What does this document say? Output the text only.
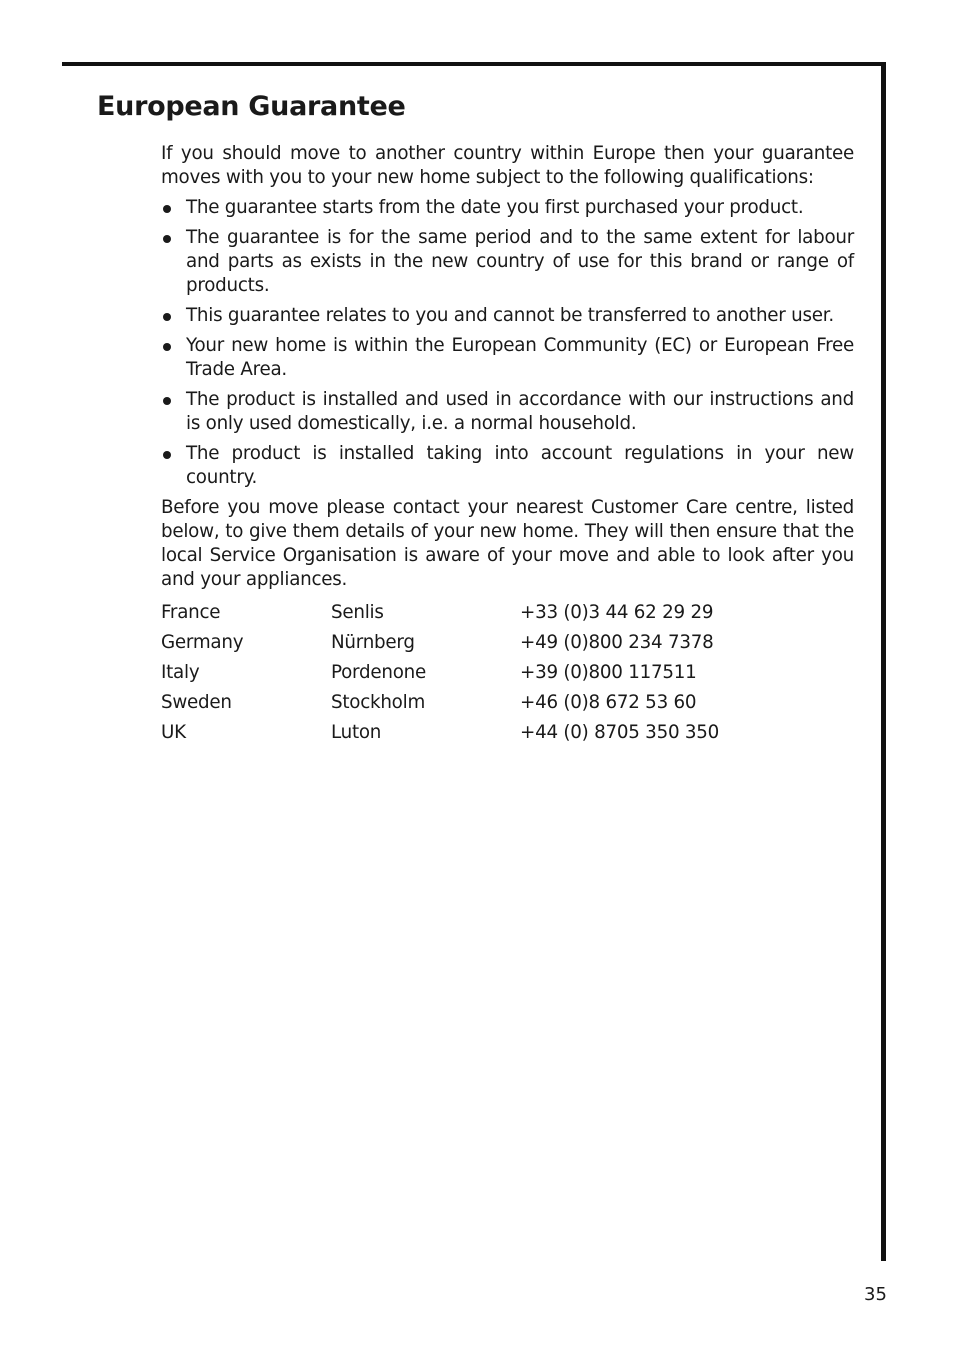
European Guarantee

If you should move to another country within Europe then your guarantee moves with you to your new home subject to the following qualifications:

The guarantee starts from the date you first purchased your product.
The guarantee is for the same period and to the same extent for labour and parts as exists in the new country of use for this brand or range of products.
This guarantee relates to you and cannot be transferred to another user.
Your new home is within the European Community (EC) or European Free Trade Area.
The product is installed and used in accordance with our instructions and is only used domestically, i.e. a normal household.
The product is installed taking into account regulations in your new country.

Before you move please contact your nearest Customer Care centre, listed below, to give them details of your new home. They will then ensure that the local Service Organisation is aware of your move and able to look after you and your appliances.

France	Senlis	+33 (0)3 44 62 29 29
Germany	Nürnberg	+49 (0)800 234 7378
Italy	Pordenone	+39 (0)800 117511
Sweden	Stockholm	+46 (0)8 672 53 60
UK	Luton	+44 (0) 8705 350 350
35
